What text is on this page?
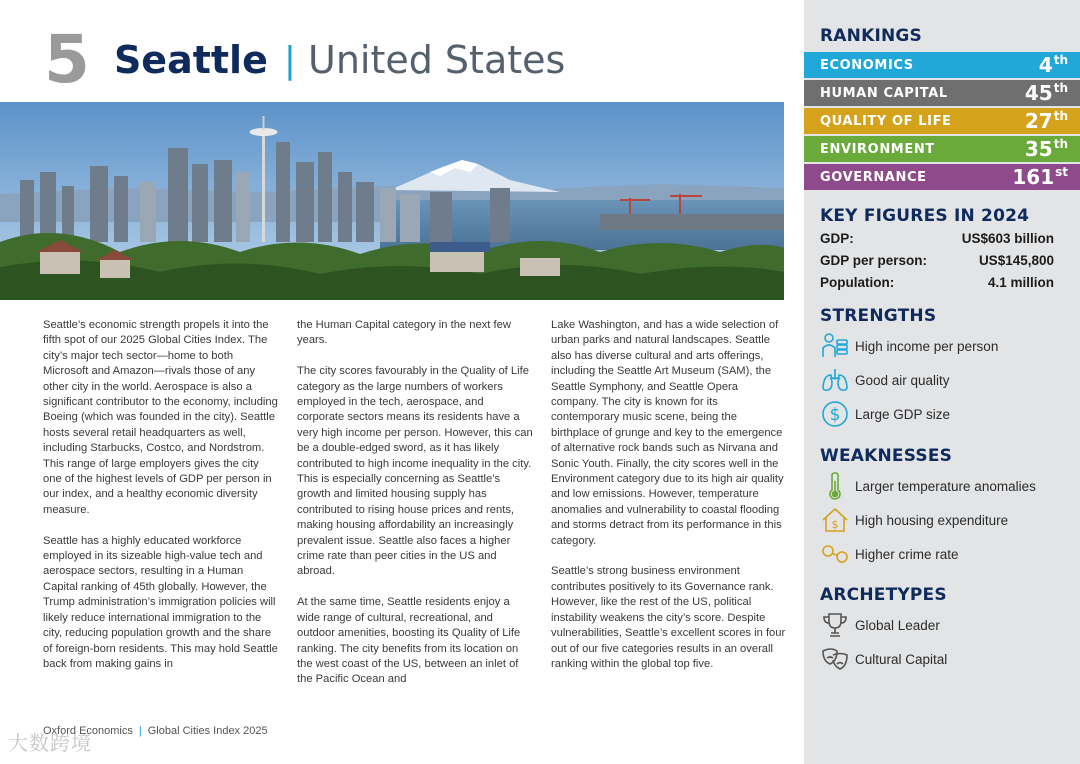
5 Seattle | United States

Seattle’s economic strength propels it into the fifth spot of our 2025 Global Cities Index. The city’s major tech sector—home to both Microsoft and Amazon—rivals those of any other city in the world. Aerospace is also a significant contributor to the economy, including Boeing (which was founded in the city). Seattle hosts several retail headquarters as well, including Starbucks, Costco, and Nordstrom. This range of large employers gives the city one of the highest levels of GDP per person in our index, and a healthy economic diversity measure.

Seattle has a highly educated workforce employed in its sizeable high-value tech and aerospace sectors, resulting in a Human Capital ranking of 45th globally. However, the Trump administration’s immigration policies will likely reduce international immigration to the city, reducing population growth and the share of foreign-born residents. This may hold Seattle back from making gains in

the Human Capital category in the next few years.

The city scores favourably in the Quality of Life category as the large numbers of workers employed in the tech, aerospace, and corporate sectors means its residents have a very high income per person. However, this can be a double-edged sword, as it has likely contributed to high income inequality in the city. This is especially concerning as Seattle’s growth and limited housing supply has contributed to rising house prices and rents, making housing affordability an increasingly prevalent issue. Seattle also faces a higher crime rate than peer cities in the US and abroad.

At the same time, Seattle residents enjoy a wide range of cultural, recreational, and outdoor amenities, boosting its Quality of Life ranking. The city benefits from its location on the west coast of the US, between an inlet of the Pacific Ocean and

Lake Washington, and has a wide selection of urban parks and natural landscapes. Seattle also has diverse cultural and arts offerings, including the Seattle Art Museum (SAM), the Seattle Symphony, and Seattle Opera company. The city is known for its contemporary music scene, being the birthplace of grunge and key to the emergence of alternative rock bands such as Nirvana and Sonic Youth. Finally, the city scores well in the Environment category due to its high air quality and low emissions. However, temperature anomalies and vulnerability to coastal flooding and storms detract from its performance in this category.

Seattle’s strong business environment contributes positively to its Governance rank. However, like the rest of the US, political instability weakens the city’s score. Despite vulnerabilities, Seattle’s excellent scores in four out of our five categories results in an overall ranking within the global top five.

Oxford Economics | Global Cities Index 2025
大数跨境
RANKINGS
ECONOMICS	4th
HUMAN CAPITAL	45th
QUALITY OF LIFE	27th
ENVIRONMENT	35th
GOVERNANCE	161st
KEY FIGURES IN 2024
GDP:	US$603 billion
GDP per person:	US$145,800
Population:	4.1 million
STRENGTHS
High income per person
Good air quality
$ Large GDP size
WEAKNESSES
Larger temperature anomalies
$ High housing expenditure
Higher crime rate
ARCHETYPES
Global Leader
Cultural Capital
